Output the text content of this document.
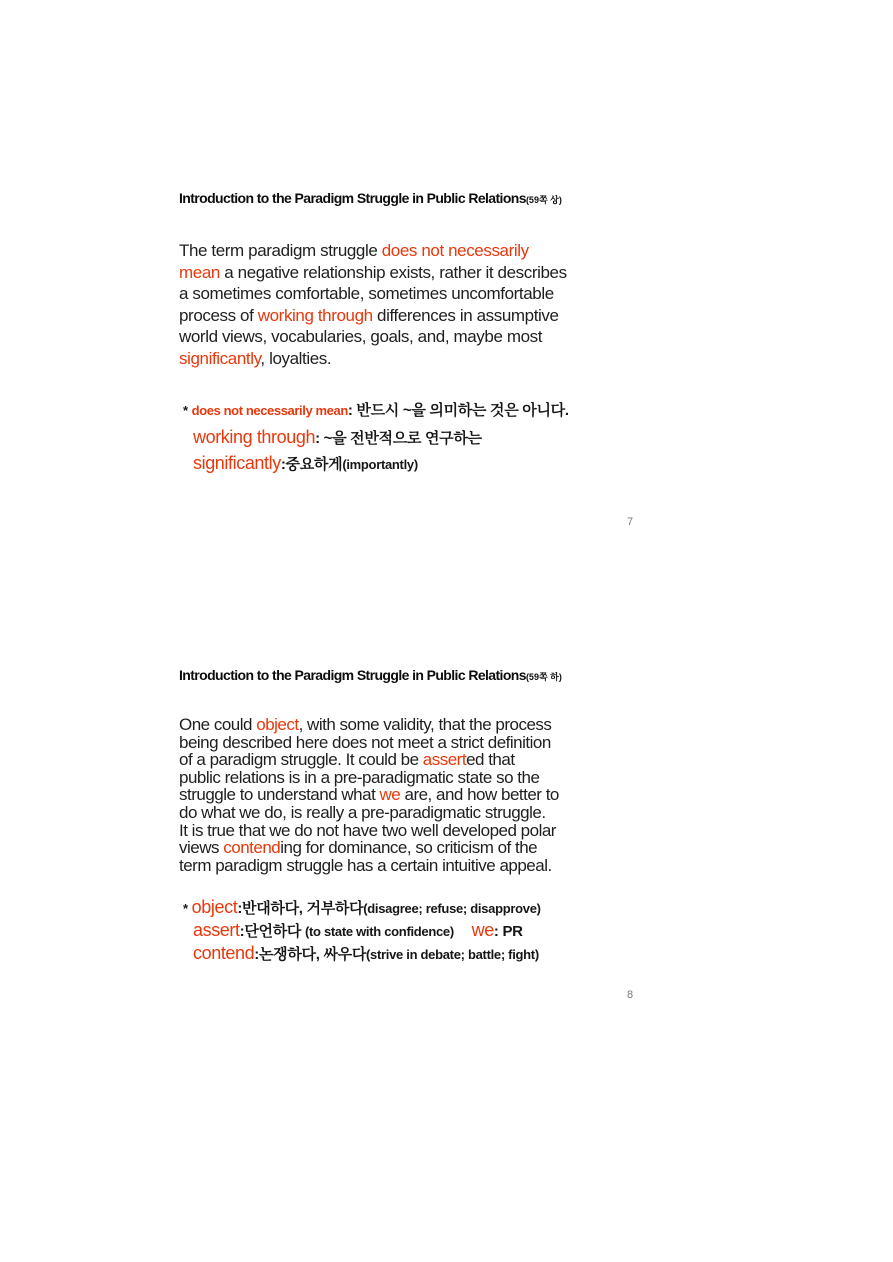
Introduction to the Paradigm Struggle in Public Relations(59쪽 상)
The term paradigm struggle does not necessarily
mean a negative relationship exists, rather it describes
a sometimes comfortable, sometimes uncomfortable
process of working through differences in assumptive
world views, vocabularies, goals, and, maybe most
significantly, loyalties.
* does not necessarily mean: 반드시 ~을 의미하는 것은 아니다.
working through: ~을 전반적으로 연구하는
significantly:중요하게(importantly)
7
Introduction to the Paradigm Struggle in Public Relations(59쪽 하)
One could object, with some validity, that the process
being described here does not meet a strict definition
of a paradigm struggle. It could be asserted that
public relations is in a pre-paradigmatic state so the
struggle to understand what we are, and how better to
do what we do, is really a pre-paradigmatic struggle.
It is true that we do not have two well developed polar
views contending for dominance, so criticism of the
term paradigm struggle has a certain intuitive appeal.
* object:반대하다, 거부하다(disagree; refuse; disapprove)
assert:단언하다 (to state with confidence) we: PR
contend:논쟁하다, 싸우다(strive in debate; battle; fight)
8
